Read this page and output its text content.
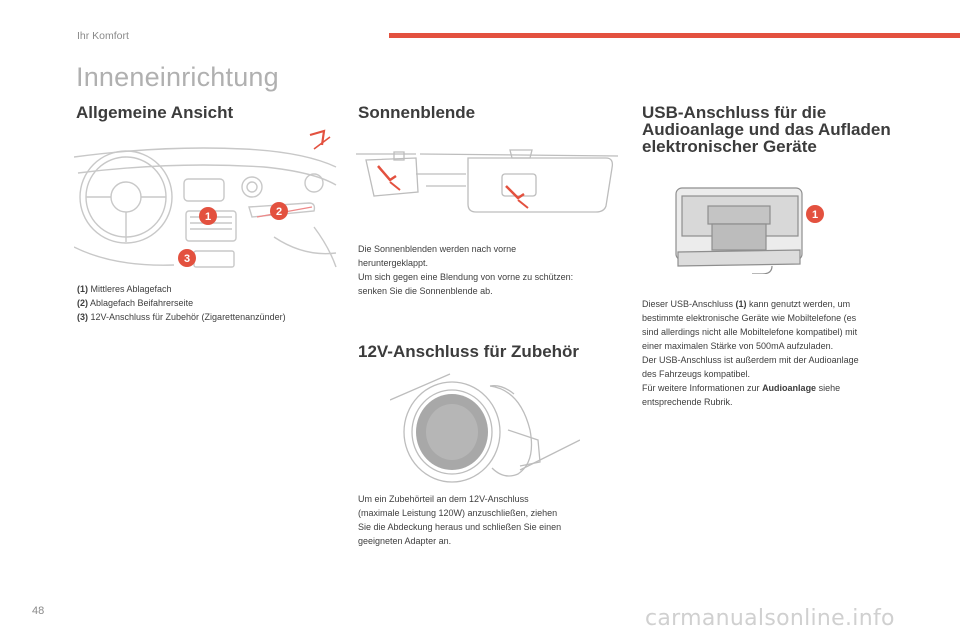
Ihr Komfort
Inneneinrichtung
Allgemeine Ansicht
1	2
3
(1) Mittleres Ablagefach
(2) Ablagefach Beifahrerseite
(3) 12V-Anschluss für Zubehör (Zigarettenanzünder)
Sonnenblende
Die Sonnenblenden werden nach vorne
heruntergeklappt.
Um sich gegen eine Blendung von vorne zu schützen:
senken Sie die Sonnenblende ab.
12V-Anschluss für Zubehör
Um ein Zubehörteil an dem 12V-Anschluss
(maximale Leistung 120W) anzuschließen, ziehen
Sie die Abdeckung heraus und schließen Sie einen
geeigneten Adapter an.
USB-Anschluss für die
Audioanlage und das Aufladen
elektronischer Geräte
1
Dieser USB-Anschluss (1) kann genutzt werden, um
bestimmte elektronische Geräte wie Mobiltelefone (es
sind allerdings nicht alle Mobiltelefone kompatibel) mit
einer maximalen Stärke von 500mA aufzuladen.
Der USB-Anschluss ist außerdem mit der Audioanlage
des Fahrzeugs kompatibel.
Für weitere Informationen zur Audioanlage siehe
entsprechende Rubrik.
48	carmanualsonline.info
